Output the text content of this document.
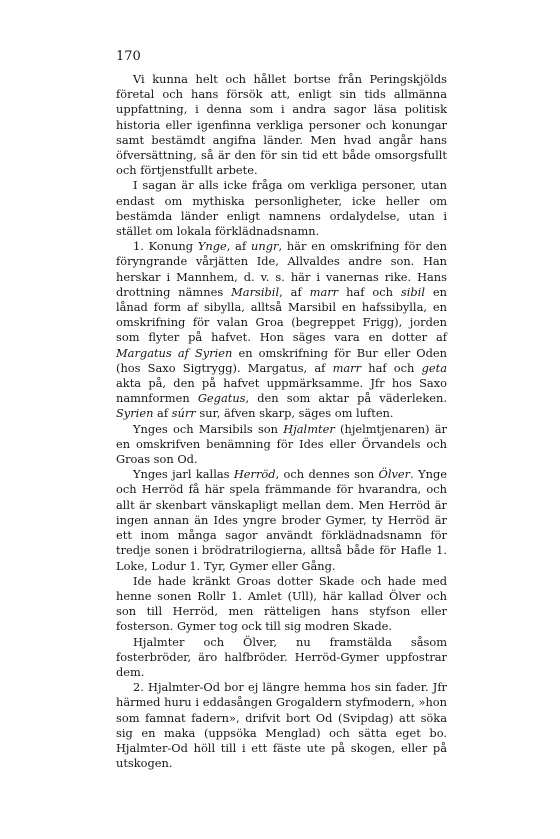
170

Vi kunna helt och hållet bortse från Peringskjölds företal och hans försök att, enligt sin tids allmänna uppfattning, i denna som i andra sagor läsa politisk historia eller igenfinna verkliga personer och konungar samt bestämdt angifna länder. Men hvad angår hans öfversättning, så är den för sin tid ett både omsorgsfullt och förtjenstfullt arbete.

I sagan är alls icke fråga om verkliga personer, utan endast om mythiska personligheter, icke heller om bestämda länder enligt namnens ordalydelse, utan i stället om lokala förklädnadsnamn.

1. Konung Ynge, af ungr, här en omskrifning för den föryngrande vårjätten Ide, Allvaldes andre son. Han herskar i Mannhem, d. v. s. här i vanernas rike. Hans drottning nämnes Marsibil, af marr haf och sibil en lånad form af sibylla, alltså Marsibil en hafssibylla, en omskrifning för valan Groa (begreppet Frigg), jorden som flyter på hafvet. Hon säges vara en dotter af Margatus af Syrien en omskrifning för Bur eller Oden (hos Saxo Sigtrygg). Margatus, af marr haf och geta akta på, den på hafvet uppmärksamme. Jfr hos Saxo namnformen Gegatus, den som aktar på väderleken. Syrien af súrr sur, äfven skarp, säges om luften.

Ynges och Marsibils son Hjalmter (hjelmtjenaren) är en omskrifven benämning för Ides eller Örvandels och Groas son Od.

Ynges jarl kallas Herröd, och dennes son Ölver. Ynge och Herröd få här spela främmande för hvarandra, och allt är skenbart vänskapligt mellan dem. Men Herröd är ingen annan än Ides yngre broder Gymer, ty Herröd är ett inom många sagor användt förklädnadsnamn för tredje sonen i brödratrilogierna, alltså både för Hafle 1. Loke, Lodur 1. Tyr, Gymer eller Gång.

Ide hade kränkt Groas dotter Skade och hade med henne sonen Rollr 1. Amlet (Ull), här kallad Ölver och son till Herröd, men rätteligen hans styfson eller fosterson. Gymer tog ock till sig modren Skade.

Hjalmter och Ölver, nu framstälda såsom fosterbröder, äro halfbröder. Herröd-Gymer uppfostrar dem.

2. Hjalmter-Od bor ej längre hemma hos sin fader. Jfr härmed huru i eddasången Grogaldern styfmodern, »hon som famnat fadern», drifvit bort Od (Svipdag) att söka sig en maka (uppsöka Menglad) och sätta eget bo. Hjalmter-Od höll till i ett fäste ute på skogen, eller på utskogen.
